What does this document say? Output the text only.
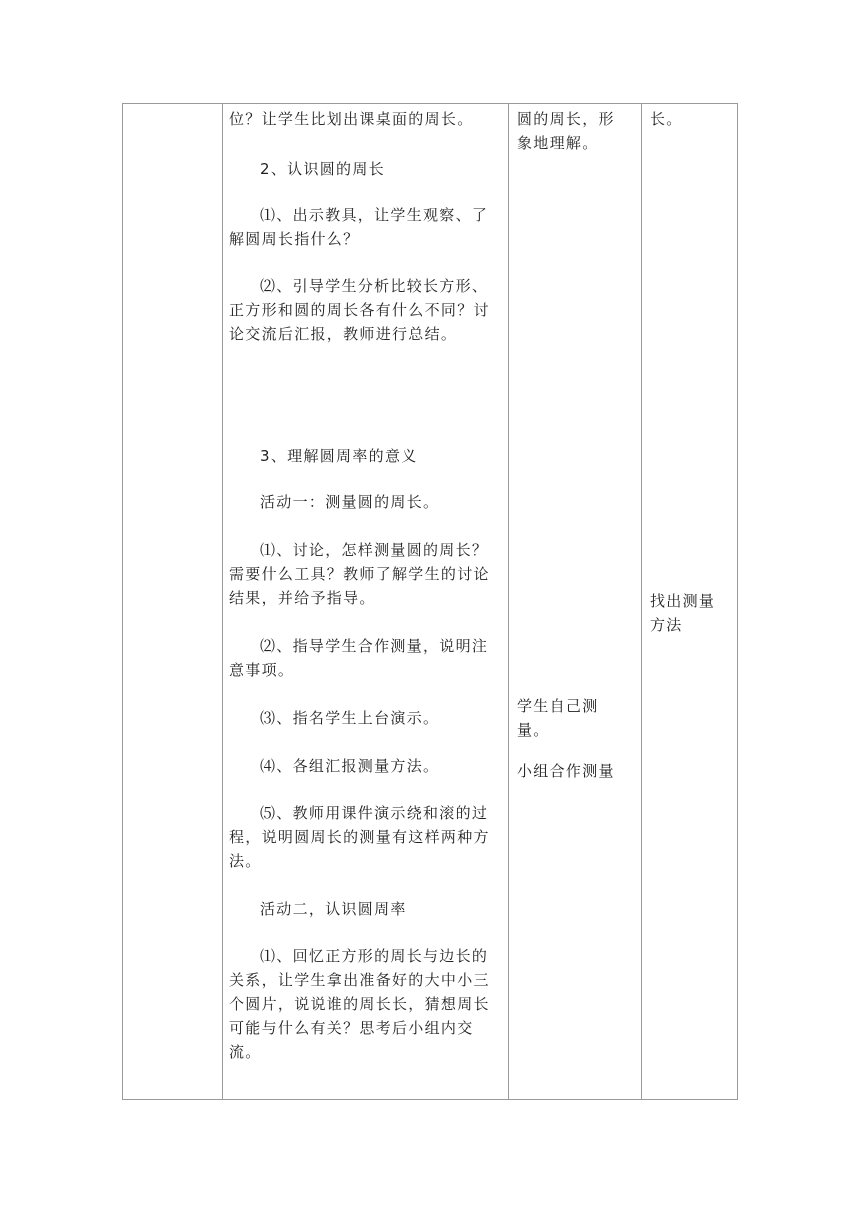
位？让学生比划出课桌面的周长。

2、认识圆的周长

⑴、出示教具，让学生观察、了解圆周长指什么？

⑵、引导学生分析比较长方形、正方形和圆的周长各有什么不同？讨论交流后汇报，教师进行总结。

3、理解圆周率的意义

活动一：测量圆的周长。

⑴、讨论，怎样测量圆的周长？需要什么工具？教师了解学生的讨论结果，并给予指导。

⑵、指导学生合作测量，说明注意事项。

⑶、指名学生上台演示。

⑷、各组汇报测量方法。

⑸、教师用课件演示绕和滚的过程，说明圆周长的测量有这样两种方法。

活动二，认识圆周率

⑴、回忆正方形的周长与边长的关系，让学生拿出准备好的大中小三个圆片，说说谁的周长长，猜想周长可能与什么有关？思考后小组内交流。

圆的周长，形象地理解。

学生自己测量。

小组合作测量

长。

找出测量方法
